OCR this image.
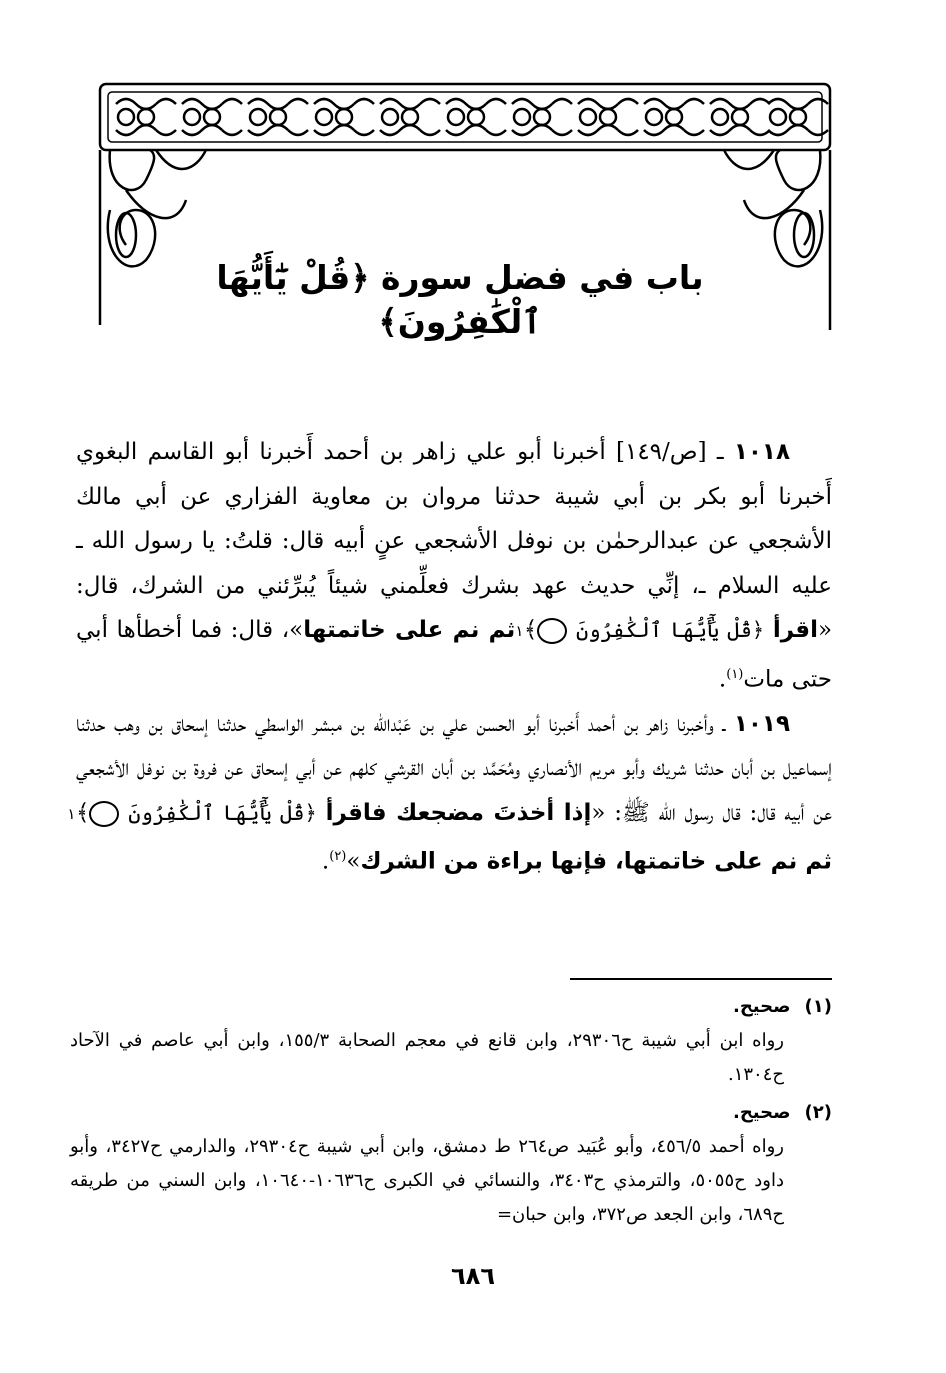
باب في فضل سورة ﴿قُلْ يَٰٓأَيُّهَا ٱلْكَٰفِرُونَ﴾

١٠١٨ ـ [ص/١٤٩] أخبرنا أبو علي زاهر بن أحمد أَخبرنا أبو القاسم البغوي أَخبرنا أبو بكر بن أبي شيبة حدثنا مروان بن معاوية الفزاري عن أبي مالك الأشجعي عن عبدالرحمٰن بن نوفل الأشجعي عنٍ أبيه قال: قلتُ: يا رسول الله ـ عليه السلام ـ، إنِّي حديث عهد بشرك فعلِّمني شيئاً يُبرِّئني من الشرك، قال: «اقرأ ﴿قُلْ يَٰٓأَيُّهَا ٱلْكَٰفِرُونَ ١﴾ ثم نم على خاتمتها»، قال: فما أخطأها أبي حتى مات$^{(١)}$.

١٠١٩ ـ وأخبرنا زاهر بن أحمد أَخبرنا أبو الحسن علي بن عَبْداللّٰه بن مبشر الواسطي حدثنا إسحاق بن وهب حدثنا إسماعيل بن أبان حدثنا شريك وأبو مريم الأنصاري ومُحَمَّد بن أبان القرشي كلهم عن أبي إسحاق عن فروة بن نوفل الأشجعي عن أبيه قال: قال رسول اللّٰه ﷺ: «إذا أخذتَ مضجعك فاقرأ ﴿قُلْ يَٰٓأَيُّهَا ٱلْكَٰفِرُونَ ١﴾ ثم نم على خاتمتها، فإنها براءة من الشرك»$^{(٢)}$.

(١)صحيح.

رواه ابن أبي شيبة ح٢٩٣٠٦، وابن قانع في معجم الصحابة ١٥٥/٣، وابن أبي عاصم في الآحاد ح١٣٠٤.

(٢)صحيح.

رواه أحمد ٤٥٦/٥، وأبو عُبَيد ص٢٦٤ ط دمشق، وابن أبي شيبة ح٢٩٣٠٤، والدارمي ح٣٤٢٧، وأبو داود ح٥٠٥٥، والترمذي ح٣٤٠٣، والنسائي في الكبرى ح١٠٦٣٦-١٠٦٤٠، وابن السني من طريقه ح٦٨٩، وابن الجعد ص٣٧٢، وابن حبان=

٦٨٦
